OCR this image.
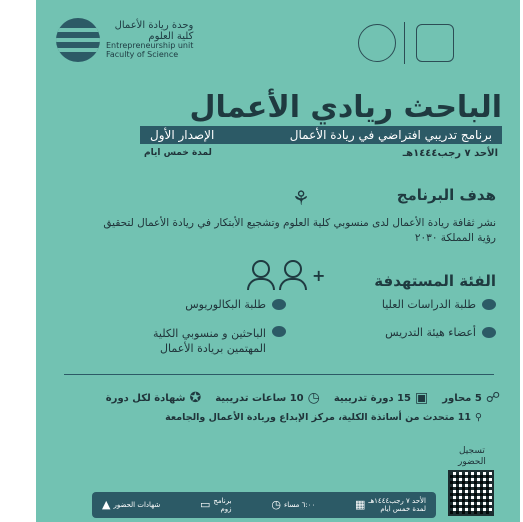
وحدة ريادة الأعمال
كلية العلوم
Entrepreneurship unit
Faculty of Science
الباحث ريادي الأعمال
برنامج تدريبي افتراضي في ريادة الأعمال
الإصدار الأول
الأحد ٧ رجب١٤٤٤هـ
لمدة خمس ايام
هدف البرنامج
⚘
نشر ثقافة ريادة الأعمال لدى منسوبي كلية العلوم وتشجيع الأبتكار في ريادة الأعمال لتحقيق رؤية المملكة ٢٠٣٠
الفئة المستهدفة
+
طلبة الدراسات العليا
طلبة البكالوريوس
أعضاء هيئة التدريس
الباحثين و منسوبي الكلية المهتمين بريادة الأعمال
☍
5 محاور
▣
15 دورة تدريبية
◷
10 ساعات تدريبية
✪
شهادة لكل دورة
⚲
11 متحدث من أساتذة الكلية، مركز الإبداع وريادة الأعمال والجامعة
تسجيل
الحضور
شهادات الحضور
▲	برنامج
زوم
▭	٦:٠٠ مساء
◷	الأحد ٧ رجب١٤٤٤هـ
لمدة خمس ايام
▦
